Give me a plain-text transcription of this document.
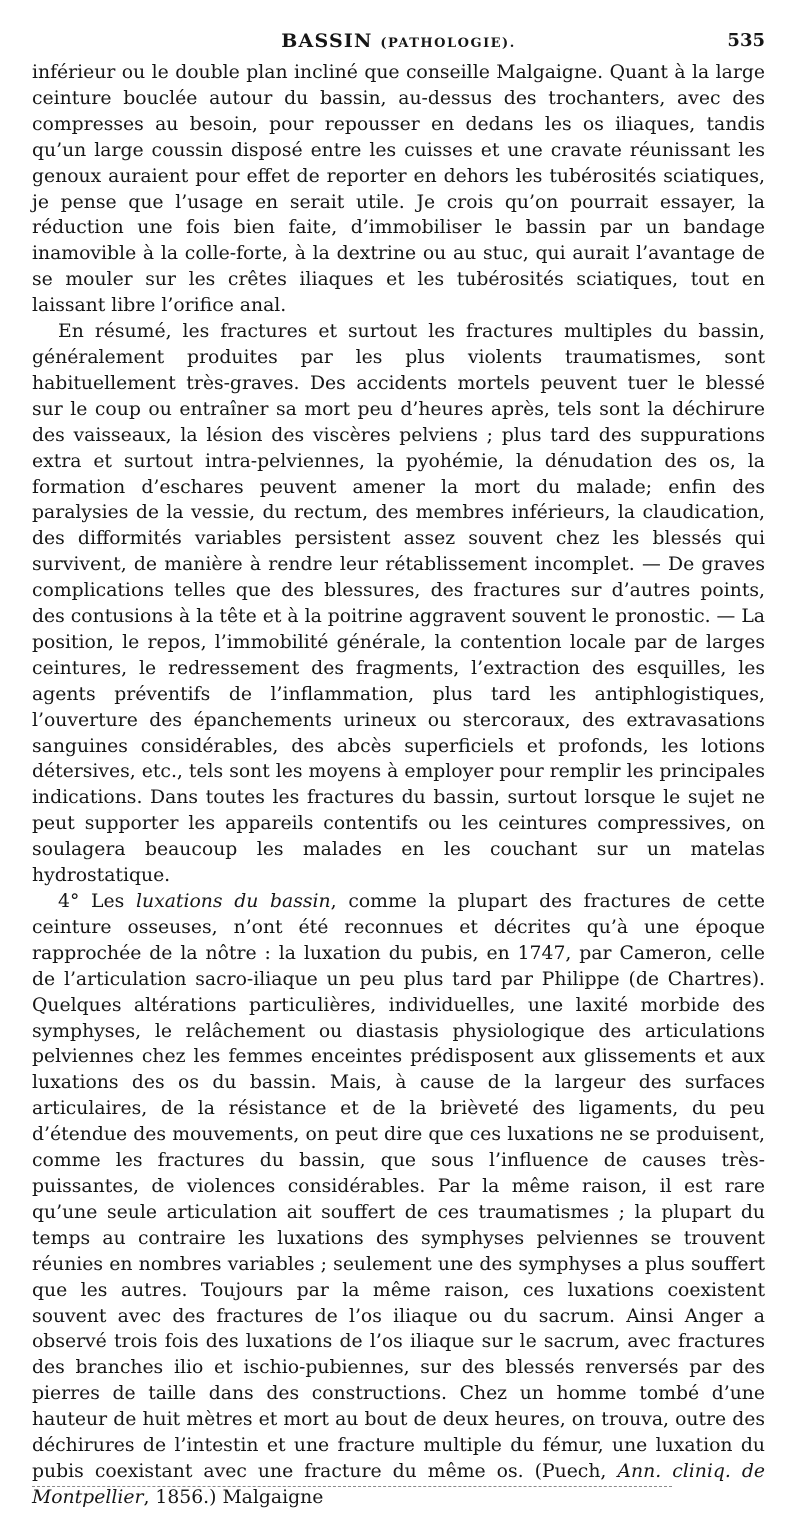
BASSIN (PATHOLOGIE).	535

inférieur ou le double plan incliné que conseille Malgaigne. Quant à la large ceinture bouclée autour du bassin, au-dessus des trochanters, avec des compresses au besoin, pour repousser en dedans les os iliaques, tandis qu’un large coussin disposé entre les cuisses et une cravate réunissant les genoux auraient pour effet de reporter en dehors les tubérosités sciatiques, je pense que l’usage en serait utile. Je crois qu’on pourrait essayer, la réduction une fois bien faite, d’immobiliser le bassin par un bandage inamovible à la colle-forte, à la dextrine ou au stuc, qui aurait l’avantage de se mouler sur les crêtes iliaques et les tubérosités sciatiques, tout en laissant libre l’orifice anal.

En résumé, les fractures et surtout les fractures multiples du bassin, généralement produites par les plus violents traumatismes, sont habituellement très-graves. Des accidents mortels peuvent tuer le blessé sur le coup ou entraîner sa mort peu d’heures après, tels sont la déchirure des vaisseaux, la lésion des viscères pelviens ; plus tard des suppurations extra et surtout intra-pelviennes, la pyohémie, la dénudation des os, la formation d’eschares peuvent amener la mort du malade; enfin des paralysies de la vessie, du rectum, des membres inférieurs, la claudication, des difformités variables persistent assez souvent chez les blessés qui survivent, de manière à rendre leur rétablissement incomplet. — De graves complications telles que des blessures, des fractures sur d’autres points, des contusions à la tête et à la poitrine aggravent souvent le pronostic. — La position, le repos, l’immobilité générale, la contention locale par de larges ceintures, le redressement des fragments, l’extraction des esquilles, les agents préventifs de l’inflammation, plus tard les antiphlogistiques, l’ouverture des épanchements urineux ou stercoraux, des extravasations sanguines considérables, des abcès superficiels et profonds, les lotions détersives, etc., tels sont les moyens à employer pour remplir les principales indications. Dans toutes les fractures du bassin, surtout lorsque le sujet ne peut supporter les appareils contentifs ou les ceintures compressives, on soulagera beaucoup les malades en les couchant sur un matelas hydrostatique.

4° Les luxations du bassin, comme la plupart des fractures de cette ceinture osseuses, n’ont été reconnues et décrites qu’à une époque rapprochée de la nôtre : la luxation du pubis, en 1747, par Cameron, celle de l’articulation sacro-iliaque un peu plus tard par Philippe (de Chartres). Quelques altérations particulières, individuelles, une laxité morbide des symphyses, le relâchement ou diastasis physiologique des articulations pelviennes chez les femmes enceintes prédisposent aux glissements et aux luxations des os du bassin. Mais, à cause de la largeur des surfaces articulaires, de la résistance et de la brièveté des ligaments, du peu d’étendue des mouvements, on peut dire que ces luxations ne se produisent, comme les fractures du bassin, que sous l’influence de causes très-puissantes, de violences considérables. Par la même raison, il est rare qu’une seule articulation ait souffert de ces traumatismes ; la plupart du temps au contraire les luxations des symphyses pelviennes se trouvent réunies en nombres variables ; seulement une des symphyses a plus souffert que les autres. Toujours par la même raison, ces luxations coexistent souvent avec des fractures de l’os iliaque ou du sacrum. Ainsi Anger a observé trois fois des luxations de l’os iliaque sur le sacrum, avec fractures des branches ilio et ischio-pubiennes, sur des blessés renversés par des pierres de taille dans des constructions. Chez un homme tombé d’une hauteur de huit mètres et mort au bout de deux heures, on trouva, outre des déchirures de l’intestin et une fracture multiple du fémur, une luxation du pubis coexistant avec une fracture du même os. (Puech, Ann. cliniq. de Montpellier, 1856.) Malgaigne
